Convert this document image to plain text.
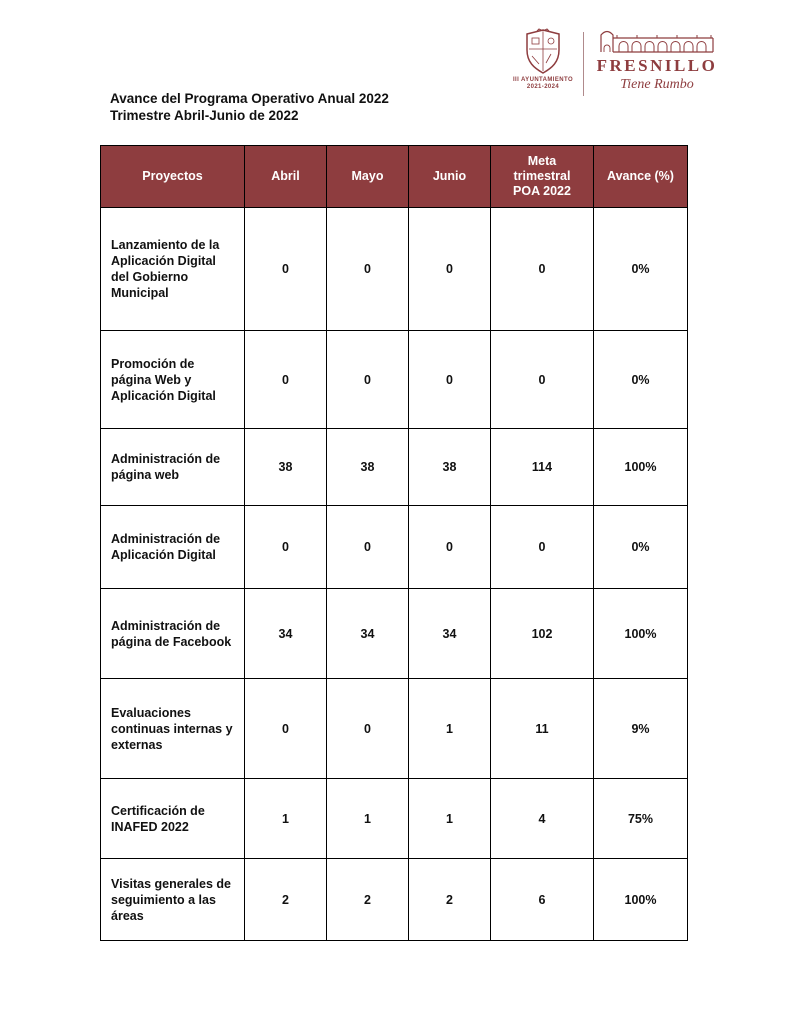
III AYUNTAMIENTO
2021-2024
FRESNILLO
Tiene Rumbo
Avance del Programa Operativo Anual 2022
Trimestre Abril-Junio de 2022
Proyectos	Abril	Mayo	Junio	Meta trimestral POA 2022	Avance (%)
Lanzamiento de la Aplicación Digital del Gobierno Municipal	0	0	0	0	0%
Promoción de página Web y Aplicación Digital	0	0	0	0	0%
Administración de página web	38	38	38	114	100%
Administración de Aplicación Digital	0	0	0	0	0%
Administración de página de Facebook	34	34	34	102	100%
Evaluaciones continuas internas y externas	0	0	1	11	9%
Certificación de INAFED 2022	1	1	1	4	75%
Visitas generales de seguimiento a las áreas	2	2	2	6	100%
